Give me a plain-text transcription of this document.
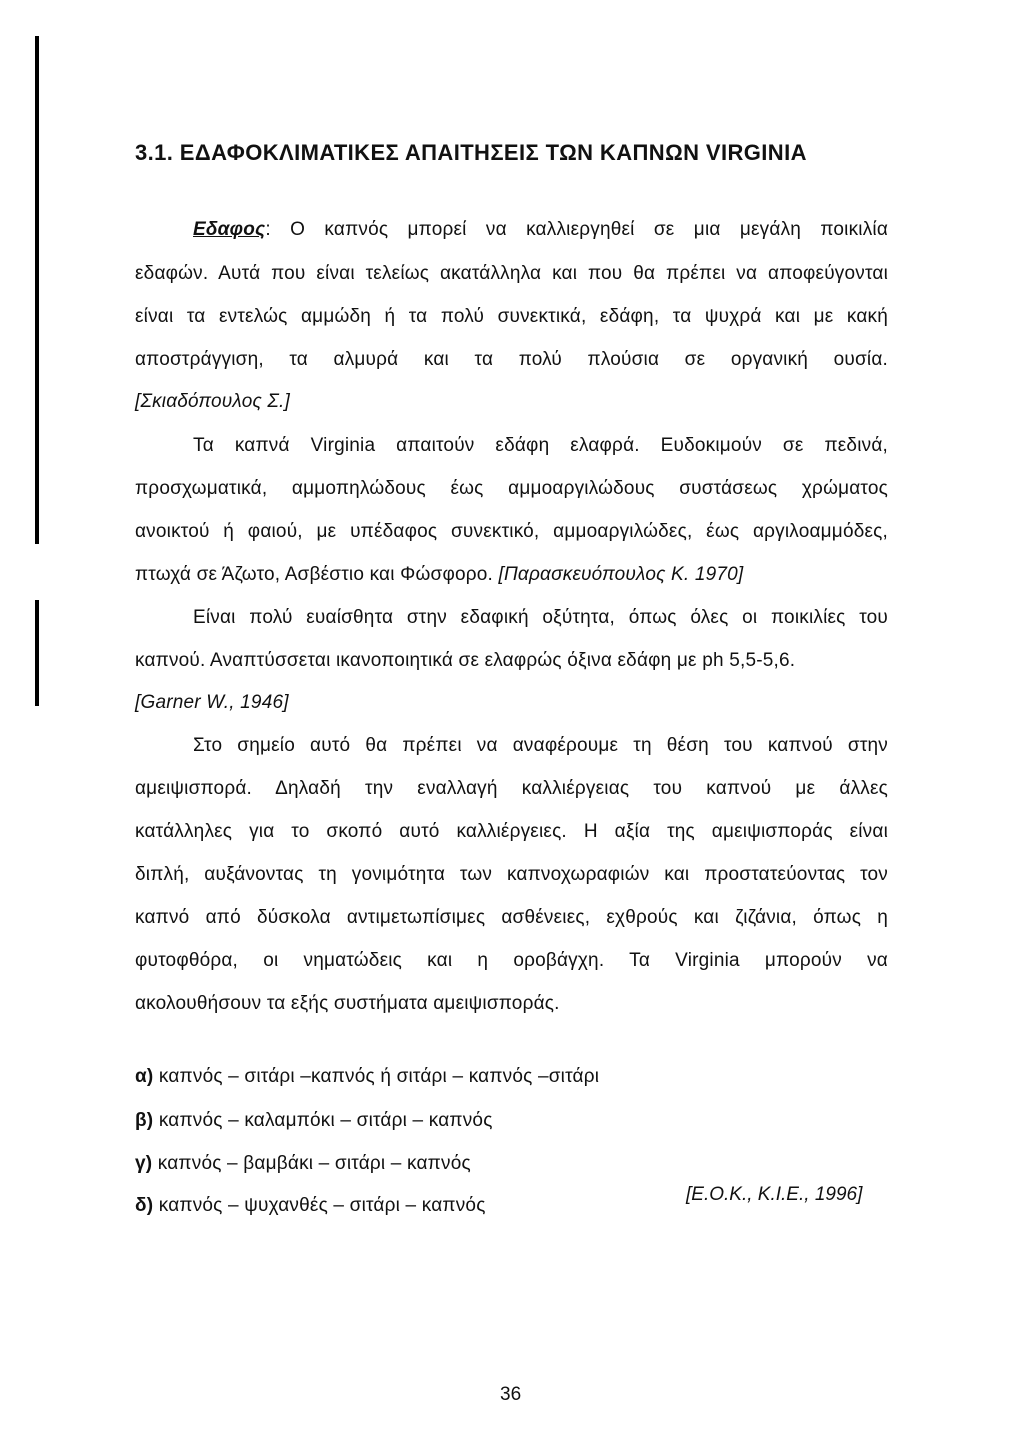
3.1. ΕΔΑΦΟΚΛΙΜΑΤΙΚΕΣ ΑΠΑΙΤΗΣΕΙΣ ΤΩΝ ΚΑΠΝΩΝ VIRGINIA
Εδαφος: Ο καπνός μπορεί να καλλιεργηθεί σε μια μεγάλη ποικιλία
εδαφών. Αυτά που είναι τελείως ακατάλληλα και που θα πρέπει να αποφεύγονται
είναι τα εντελώς αμμώδη ή τα πολύ συνεκτικά, εδάφη, τα ψυχρά και με κακή
αποστράγγιση, τα αλμυρά και τα πολύ πλούσια σε οργανική ουσία.
[Σκιαδόπουλος Σ.]
Τα καπνά Virginia απαιτούν εδάφη ελαφρά. Ευδοκιμούν σε πεδινά,
προσχωματικά, αμμοπηλώδους έως αμμοαργιλώδους συστάσεως χρώματος
ανοικτού ή φαιού, με υπέδαφος συνεκτικό, αμμοαργιλώδες, έως αργιλοαμμόδες,
πτωχά σε Άζωτο, Ασβέστιο και Φώσφορο. [Παρασκευόπουλος Κ. 1970]
Είναι πολύ ευαίσθητα στην εδαφική οξύτητα, όπως όλες οι ποικιλίες του
καπνού. Αναπτύσσεται ικανοποιητικά σε ελαφρώς όξινα εδάφη με ph 5,5-5,6.
[Garner W., 1946]
Στο σημείο αυτό θα πρέπει να αναφέρουμε τη θέση του καπνού στην
αμειψισπορά. Δηλαδή την εναλλαγή καλλιέργειας του καπνού με άλλες
κατάλληλες για το σκοπό αυτό καλλιέργειες. Η αξία της αμειψισποράς είναι
διπλή, αυξάνοντας τη γονιμότητα των καπνοχωραφιών και προστατεύοντας τον
καπνό από δύσκολα αντιμετωπίσιμες ασθένειες, εχθρούς και ζιζάνια, όπως η
φυτοφθόρα, οι νηματώδεις και η οροβάγχη. Τα Virginia μπορούν να
ακολουθήσουν τα εξής συστήματα αμειψισποράς.
α) καπνός – σιτάρι –καπνός ή σιτάρι – καπνός –σιτάρι
β) καπνός – καλαμπόκι – σιτάρι – καπνός
γ) καπνός – βαμβάκι – σιτάρι – καπνός
δ) καπνός – ψυχανθές – σιτάρι – καπνός
[Ε.Ο.Κ., Κ.Ι.Ε., 1996]
36
